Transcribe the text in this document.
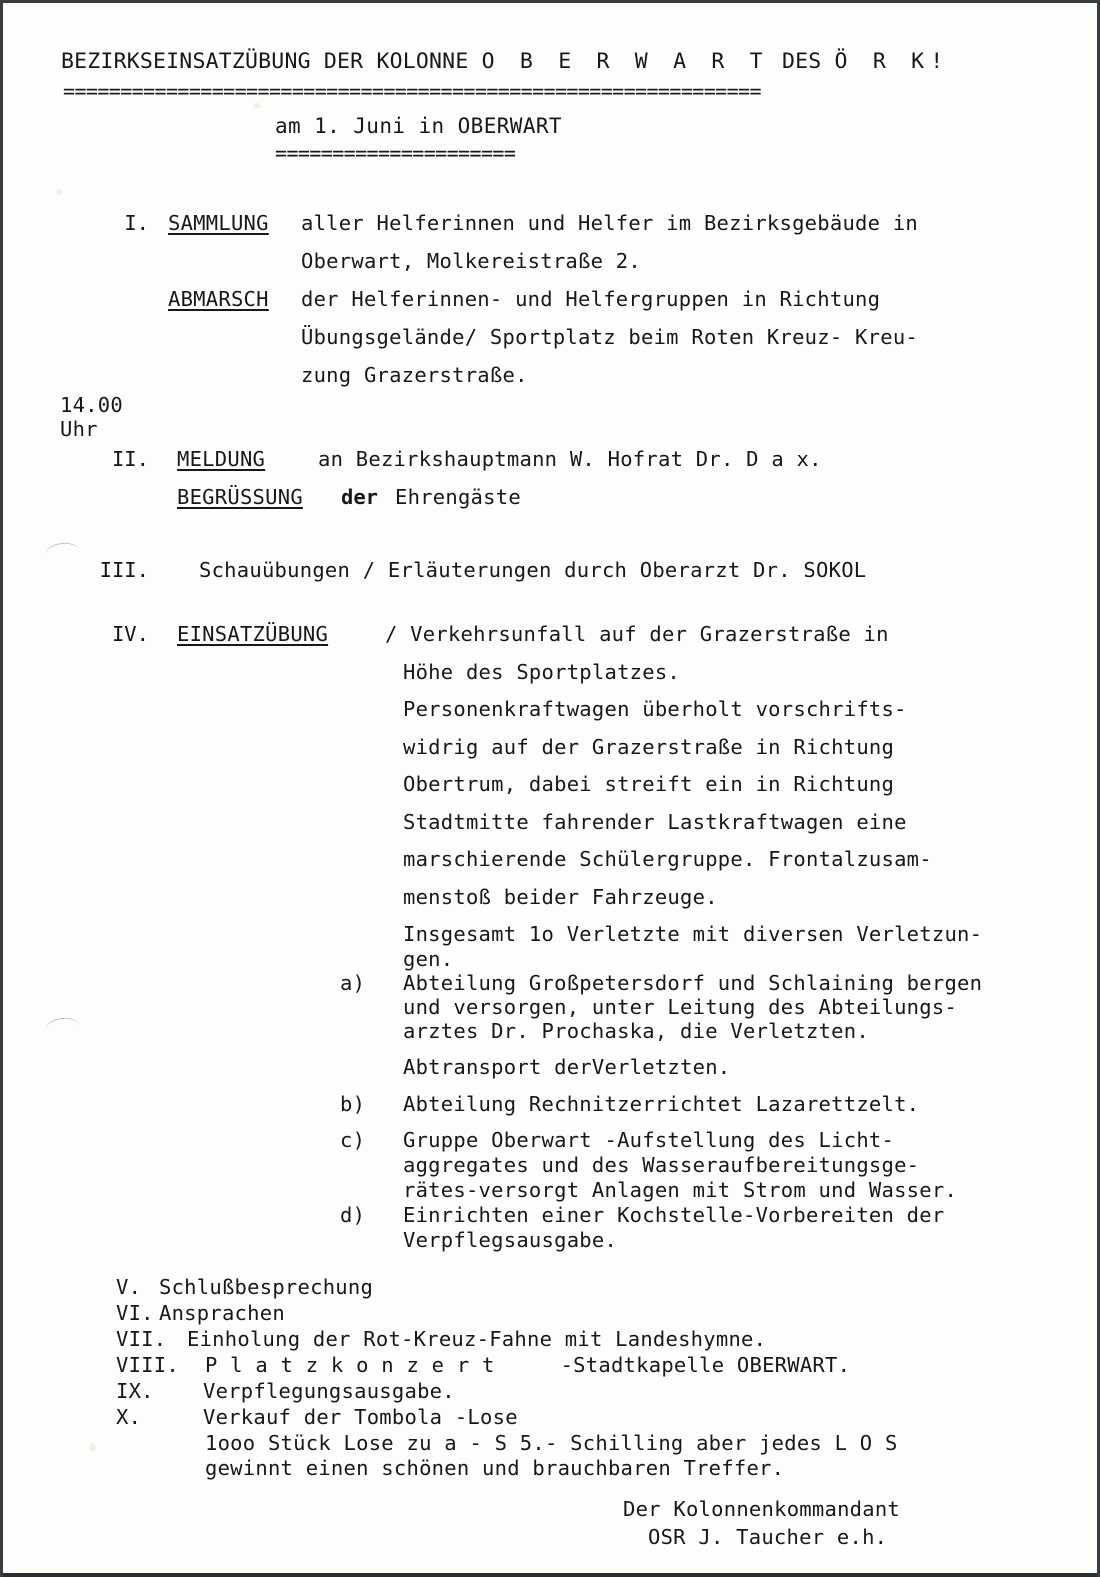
BEZIRKSEINSATZÜBUNG DER KOLONNE O B E R W A R T DES Ö R K!
=============================================================
am 1. Juni in OBERWART
=====================
I. SAMMLUNG aller Helferinnen und Helfer im Bezirksgebäude in
Oberwart, Molkereistraße 2.
ABMARSCH der Helferinnen- und Helfergruppen in Richtung
Übungsgelände/ Sportplatz beim Roten Kreuz- Kreu-
zung Grazerstraße.
14.00
Uhr
II. MELDUNG	an Bezirkshauptmann W. Hofrat Dr. D a x.
BEGRÜSSUNG der Ehrengäste
III. Schauübungen / Erläuterungen durch Oberarzt Dr. SOKOL
IV. EINSATZÜBUNG	/ Verkehrsunfall auf der Grazerstraße in
Höhe des Sportplatzes.
Personenkraftwagen überholt vorschrifts-
widrig auf der Grazerstraße in Richtung
Obertrum, dabei streift ein in Richtung
Stadtmitte fahrender Lastkraftwagen eine
marschierende Schülergruppe. Frontalzusam-
menstoß beider Fahrzeuge.
Insgesamt 1o Verletzte mit diversen Verletzun-
gen.
a) Abteilung Großpetersdorf und Schlaining bergen
und versorgen, unter Leitung des Abteilungs-
arztes Dr. Prochaska, die Verletzten.
Abtransport derVerletzten.
b) Abteilung Rechnitzerrichtet Lazarettzelt.
c) Gruppe Oberwart -Aufstellung des Licht-
aggregates und des Wasseraufbereitungsge-
rätes-versorgt Anlagen mit Strom und Wasser.
d) Einrichten einer Kochstelle-Vorbereiten der
Verpflegsausgabe.
V. Schlußbesprechung
VI. Ansprachen
VII. Einholung der Rot-Kreuz-Fahne mit Landeshymne.
VIII. P l a t z k o n z e r t	-Stadtkapelle OBERWART.
IX. Verpflegungsausgabe.
X.	Verkauf der Tombola -Lose
1ooo Stück Lose zu a - S 5.- Schilling aber jedes L O S
gewinnt einen schönen und brauchbaren Treffer.
Der Kolonnenkommandant
OSR J. Taucher e.h.
